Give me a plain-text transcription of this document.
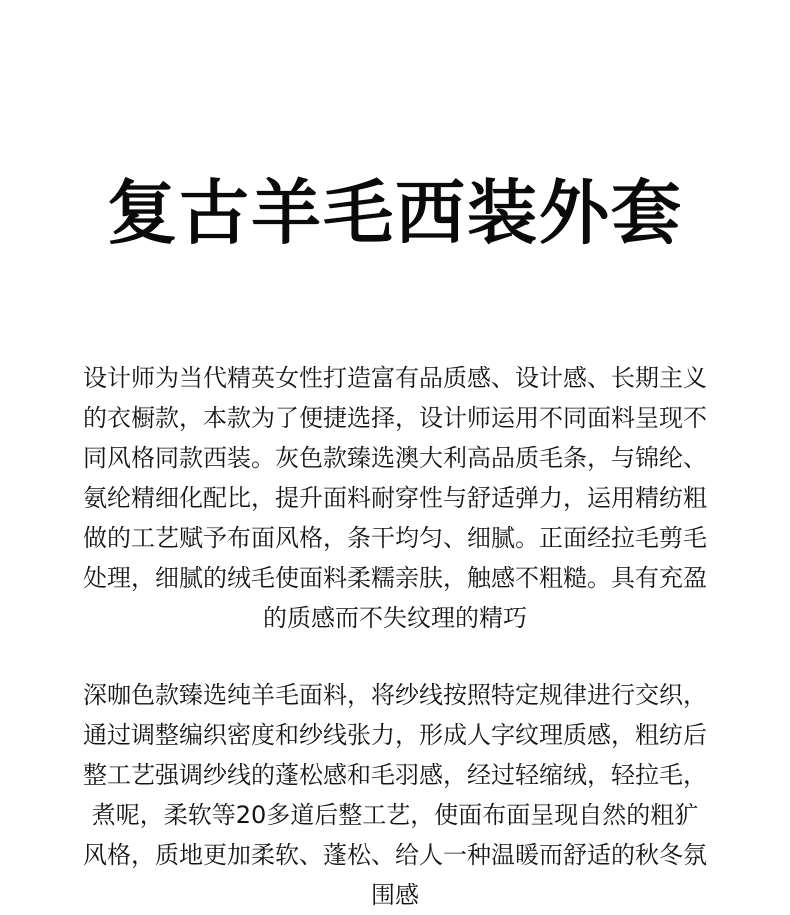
复古羊毛西装外套

设计师为当代精英女性打造富有品质感、设计感、长期主义的衣橱款，本款为了便捷选择，设计师运用不同面料呈现不同风格同款西装。灰色款臻选澳大利高品质毛条，与锦纶、氨纶精细化配比，提升面料耐穿性与舒适弹力，运用精纺粗做的工艺赋予布面风格，条干均匀、细腻。正面经拉毛剪毛处理，细腻的绒毛使面料柔糯亲肤，触感不粗糙。具有充盈的质感而不失纹理的精巧

深咖色款臻选纯羊毛面料，将纱线按照特定规律进行交织，通过调整编织密度和纱线张力，形成人字纹理质感，粗纺后整工艺强调纱线的蓬松感和毛羽感，经过轻缩绒，轻拉毛，煮呢，柔软等20多道后整工艺，使面布面呈现自然的粗犷风格，质地更加柔软、蓬松、给人一种温暖而舒适的秋冬氛围感
